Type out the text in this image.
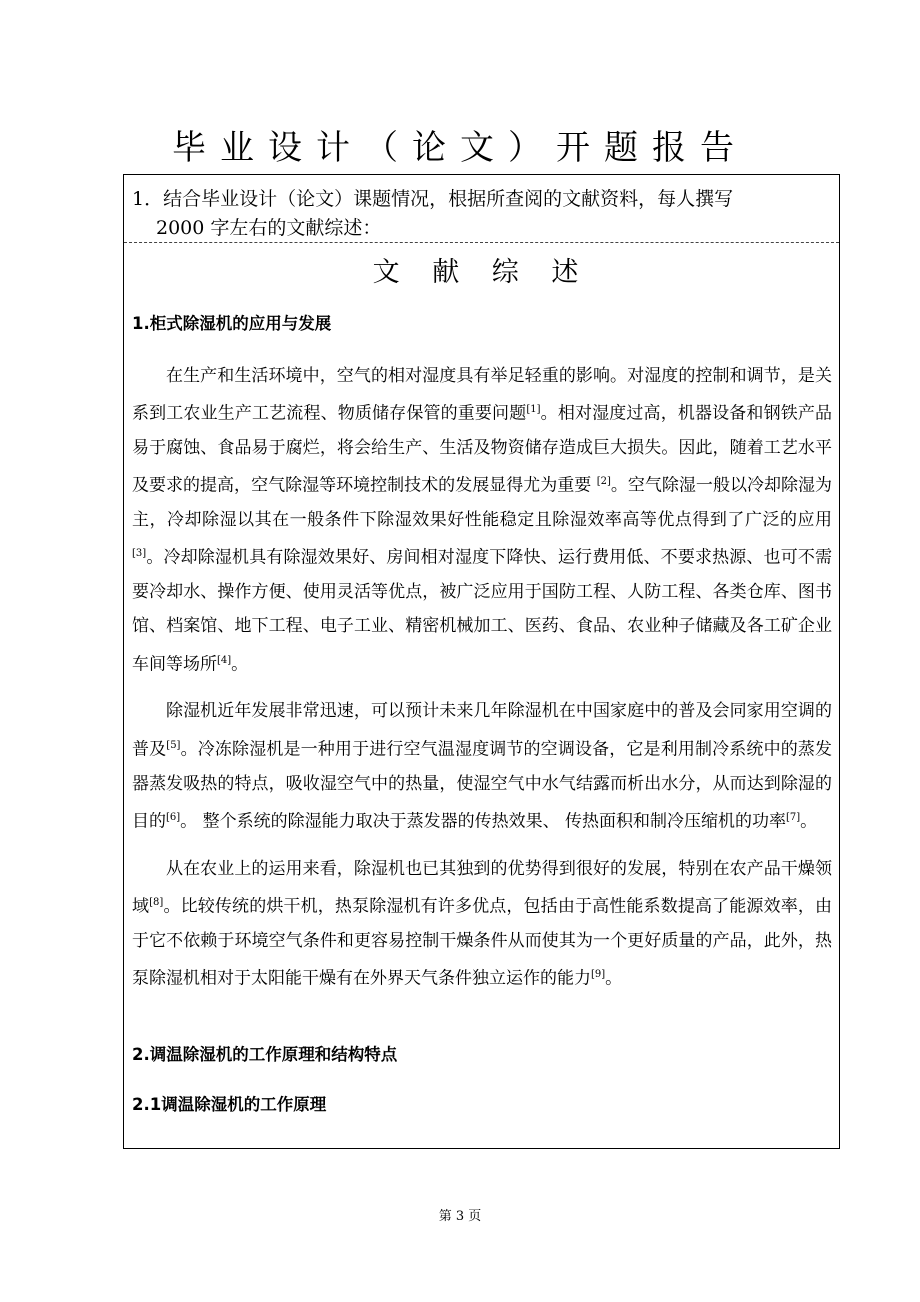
毕业设计（论文）开题报告

1．结合毕业设计（论文）课题情况，根据所查阅的文献资料，每人撰写
2000 字左右的文献综述：

文 献 综 述

1.柜式除湿机的应用与发展

在生产和生活环境中，空气的相对湿度具有举足轻重的影响。对湿度的控制和调节，是关系到工农业生产工艺流程、物质储存保管的重要问题[1]。相对湿度过高，机器设备和钢铁产品易于腐蚀、食品易于腐烂，将会给生产、生活及物资储存造成巨大损失。因此，随着工艺水平及要求的提高，空气除湿等环境控制技术的发展显得尤为重要 [2]。空气除湿一般以冷却除湿为主，冷却除湿以其在一般条件下除湿效果好性能稳定且除湿效率高等优点得到了广泛的应用[3]。冷却除湿机具有除湿效果好、房间相对湿度下降快、运行费用低、不要求热源、也可不需要冷却水、操作方便、使用灵活等优点，被广泛应用于国防工程、人防工程、各类仓库、图书馆、档案馆、地下工程、电子工业、精密机械加工、医药、食品、农业种子储藏及各工矿企业车间等场所[4]。

除湿机近年发展非常迅速，可以预计未来几年除湿机在中国家庭中的普及会同家用空调的普及[5]。冷冻除湿机是一种用于进行空气温湿度调节的空调设备，它是利用制冷系统中的蒸发器蒸发吸热的特点，吸收湿空气中的热量，使湿空气中水气结露而析出水分，从而达到除湿的目的[6]。 整个系统的除湿能力取决于蒸发器的传热效果、 传热面积和制冷压缩机的功率[7]。

从在农业上的运用来看，除湿机也已其独到的优势得到很好的发展，特别在农产品干燥领域[8]。比较传统的烘干机，热泵除湿机有许多优点，包括由于高性能系数提高了能源效率，由于它不依赖于环境空气条件和更容易控制干燥条件从而使其为一个更好质量的产品，此外，热泵除湿机相对于太阳能干燥有在外界天气条件独立运作的能力[9]。

2.调温除湿机的工作原理和结构特点

2.1调温除湿机的工作原理

第 3 页
